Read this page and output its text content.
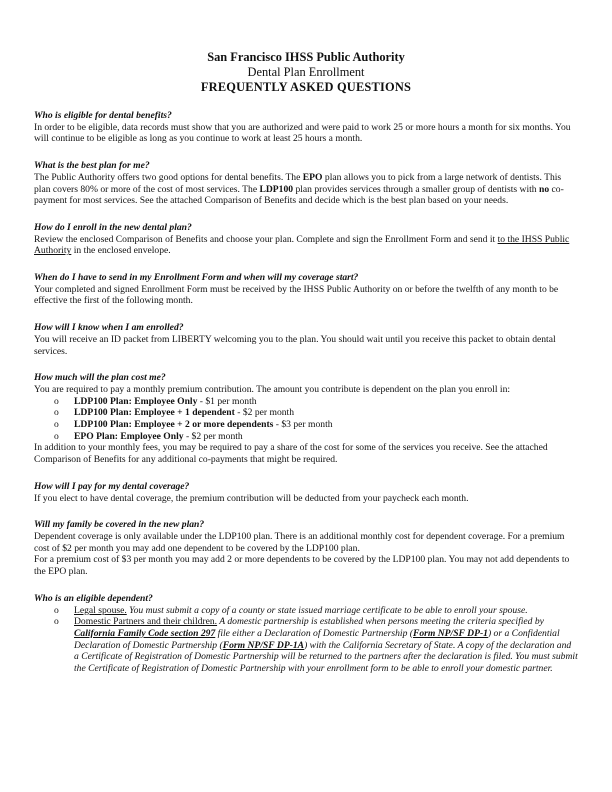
San Francisco IHSS Public Authority
Dental Plan Enrollment
FREQUENTLY ASKED QUESTIONS

Who is eligible for dental benefits?

In order to be eligible, data records must show that you are authorized and were paid to work 25 or more hours a month for six months. You will continue to be eligible as long as you continue to work at least 25 hours a month.

What is the best plan for me?

The Public Authority offers two good options for dental benefits. The EPO plan allows you to pick from a large network of dentists. This plan covers 80% or more of the cost of most services. The LDP100 plan provides services through a smaller group of dentists with no co-payment for most services. See the attached Comparison of Benefits and decide which is the best plan based on your needs.

How do I enroll in the new dental plan?

Review the enclosed Comparison of Benefits and choose your plan. Complete and sign the Enrollment Form and send it to the IHSS Public Authority in the enclosed envelope.

When do I have to send in my Enrollment Form and when will my coverage start?

Your completed and signed Enrollment Form must be received by the IHSS Public Authority on or before the twelfth of any month to be effective the first of the following month.

How will I know when I am enrolled?

You will receive an ID packet from LIBERTY welcoming you to the plan. You should wait until you receive this packet to obtain dental services.

How much will the plan cost me?

You are required to pay a monthly premium contribution. The amount you contribute is dependent on the plan you enroll in:

o LDP100 Plan: Employee Only - $1 per month
o LDP100 Plan: Employee + 1 dependent - $2 per month
o LDP100 Plan: Employee + 2 or more dependents - $3 per month
o EPO Plan: Employee Only - $2 per month

In addition to your monthly fees, you may be required to pay a share of the cost for some of the services you receive. See the attached Comparison of Benefits for any additional co-payments that might be required.

How will I pay for my dental coverage?

If you elect to have dental coverage, the premium contribution will be deducted from your paycheck each month.

Will my family be covered in the new plan?

Dependent coverage is only available under the LDP100 plan. There is an additional monthly cost for dependent coverage. For a premium cost of $2 per month you may add one dependent to be covered by the LDP100 plan.

For a premium cost of $3 per month you may add 2 or more dependents to be covered by the LDP100 plan. You may not add dependents to the EPO plan.

Who is an eligible dependent?

o Legal spouse. You must submit a copy of a county or state issued marriage certificate to be able to enroll your spouse.
o Domestic Partners and their children. A domestic partnership is established when persons meeting the criteria specified by California Family Code section 297 file either a Declaration of Domestic Partnership (Form NP/SF DP-1) or a Confidential Declaration of Domestic Partnership (Form NP/SF DP-1A) with the California Secretary of State. A copy of the declaration and a Certificate of Registration of Domestic Partnership will be returned to the partners after the declaration is filed. You must submit the Certificate of Registration of Domestic Partnership with your enrollment form to be able to enroll your domestic partner.
